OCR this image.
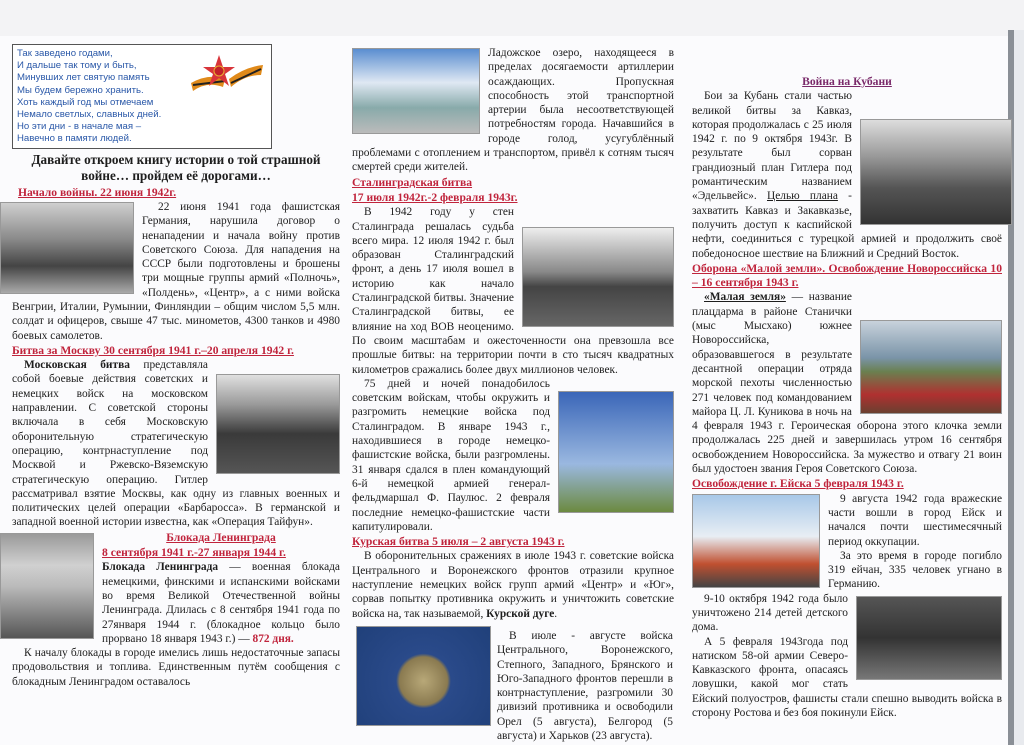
Так заведено годами,
И дальше так тому и быть,
Минувших лет святую память
Мы будем бережно хранить.
Хоть каждый год мы отмечаем
Немало светлых, славных дней.
Но эти дни - в начале мая –
Навечно в памяти людей.
Давайте откроем книгу истории о той страшной войне… пройдем её дорогами…
Начало войны. 22 июня 1942г.

22 июня 1941 года фашистская Германия, нарушила договор о ненападении и начала войну против Советского Союза. Для нападения на СССР были подготовлены и брошены три мощные группы армий «Полночь», «Полдень», «Центр», а с ними войска Венгрии, Италии, Румынии, Финляндии – общим числом 5,5 млн. солдат и офицеров, свыше 47 тыс. минометов, 4300 танков и 4980 боевых самолетов.

Битва за Москву 30 сентября 1941 г.–20 апреля 1942 г.

Московская битва представляла собой боевые действия советских и немецких войск на московском направлении. С советской стороны включала в себя Московскую оборонительную стратегическую операцию, контрнаступление под Москвой и Ржевско-Вяземскую стратегическую операцию. Гитлер рассматривал взятие Москвы, как одну из главных военных и политических целей операции «Барбаросса». В германской и западной военной истории известна, как «Операция Тайфун».

Блокада Ленинграда
8 сентября 1941 г.-27 января 1944 г.

Блокада Ленинграда — военная блокада немецкими, финскими и испанскими войсками во время Великой Отечественной войны Ленинграда. Длилась с 8 сентября 1941 года по 27января 1944 г. (блокадное кольцо было прорвано 18 января 1943 г.) — 872 дня.

К началу блокады в городе имелись лишь недостаточные запасы продовольствия и топлива. Единственным путём сообщения с блокадным Ленинградом оставалось

Ладожское озеро, находящееся в пределах досягаемости артиллерии осаждающих. Пропускная способность этой транспортной артерии была несоответствующей потребностям города. Начавшийся в городе голод, усугублённый проблемами с отоплением и транспортом, привёл к сотням тысяч смертей среди жителей.

Сталинградская битва
17 июля 1942г.-2 февраля 1943г.

В 1942 году у стен Сталинграда решалась судьба всего мира. 12 июля 1942 г. был образован Сталинградский фронт, а день 17 июля вошел в историю как начало Сталинградской битвы. Значение Сталинградской битвы, ее влияние на ход ВОВ неоценимо. По своим масштабам и ожесточенности она превзошла все прошлые битвы: на территории почти в сто тысяч квадратных километров сражались более двух миллионов человек.

75 дней и ночей понадобилось советским войскам, чтобы окружить и разгромить немецкие войска под Сталинградом. В январе 1943 г., находившиеся в городе немецко-фашистские войска, были разгромлены. 31 января сдался в плен командующий 6-й немецкой армией генерал-фельдмаршал Ф. Паулюс. 2 февраля последние немецко-фашистские части капитулировали.

Курская битва 5 июля – 2 августа 1943 г.

В оборонительных сражениях в июле 1943 г. советские войска Центрального и Воронежского фронтов отразили крупное наступление немецких войск групп армий «Центр» и «Юг», сорвав попытку противника окружить и уничтожить советские войска на, так называемой, Курской дуге.

В июле - августе войска Центрального, Воронежского, Степного, Западного, Брянского и Юго-Западного фронтов перешли в контрнаступление, разгромили 30 дивизий противника и освободили Орел (5 августа), Белгород (5 августа) и Харьков (23 августа).

Война на Кубани

Бои за Кубань стали частью великой битвы за Кавказ, которая продолжалась с 25 июля 1942 г. по 9 октября 1943г. В результате был сорван грандиозный план Гитлера под романтическим названием «Эдельвейс». Целью плана - захватить Кавказ и Закавказье, получить доступ к каспийской нефти, соединиться с турецкой армией и продолжить своё победоносное шествие на Ближний и Средний Восток.

Оборона «Малой земли». Освобождение Новороссийска 10 – 16 сентября 1943 г.

«Малая земля» — название плацдарма в районе Станички (мыс Мысхако) южнее Новороссийска, образовавшегося в результате десантной операции отряда морской пехоты численностью 271 человек под командованием майора Ц. Л. Куникова в ночь на 4 февраля 1943 г. Героическая оборона этого клочка земли продолжалась 225 дней и завершилась утром 16 сентября освобождением Новороссийска. За мужество и отвагу 21 воин был удостоен звания Героя Советского Союза.

Освобождение г. Ейска 5 февраля 1943 г.

9 августа 1942 года вражеские части вошли в город Ейск и начался почти шестимесячный период оккупации.

За это время в городе погибло 319 ейчан, 335 человек угнано в Германию.

9-10 октября 1942 года было уничтожено 214 детей детского дома.

А 5 февраля 1943года под натиском 58-ой армии Северо-Кавказского фронта, опасаясь ловушки, какой мог стать Ейский полуостров, фашисты стали спешно выводить войска в сторону Ростова и без боя покинули Ейск.
